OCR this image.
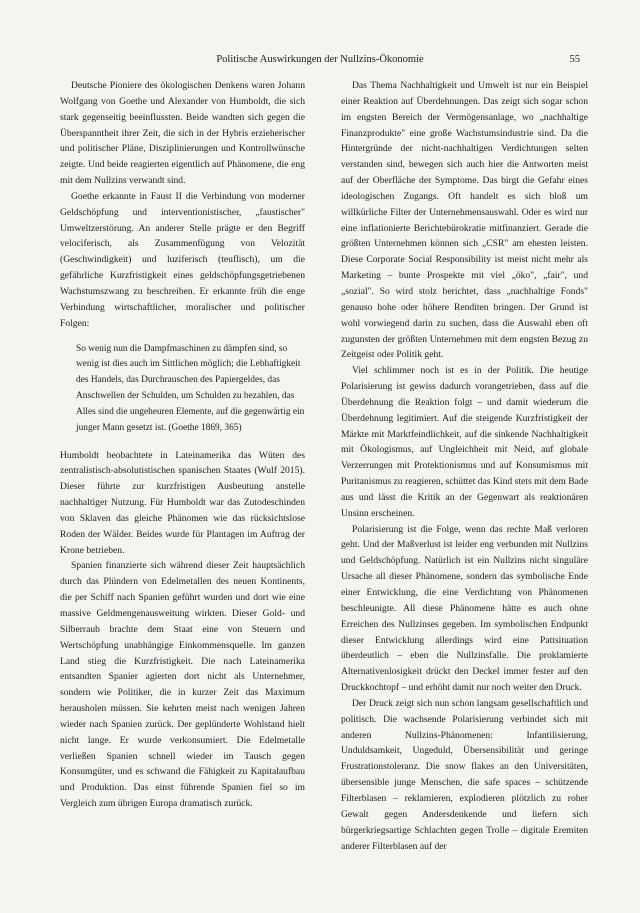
Politische Auswirkungen der Nullzins-Ökonomie	55

Deutsche Pioniere des ökologischen Denkens waren Johann Wolfgang von Goethe und Alexander von Humboldt, die sich stark gegenseitig beeinflussten. Beide wandten sich gegen die Überspanntheit ihrer Zeit, die sich in der Hybris erzieherischer und politischer Pläne, Disziplinierungen und Kontrollwünsche zeigte. Und beide reagierten eigentlich auf Phänomene, die eng mit dem Nullzins verwandt sind.

Goethe erkannte in Faust II die Verbindung von moderner Geldschöpfung und interventionistischer, „faustischer" Umweltzerstörung. An anderer Stelle prägte er den Begriff velociferisch, als Zusammenfügung von Velozität (Geschwindigkeit) und luziferisch (teuflisch), um die gefährliche Kurzfristigkeit eines geldschöpfungsgetriebenen Wachstumszwang zu beschreiben. Er erkannte früh die enge Verbindung wirtschaftlicher, moralischer und politischer Folgen:

So wenig nun die Dampfmaschinen zu dämpfen sind, so wenig ist dies auch im Sittlichen möglich; die Lebhaftigkeit des Handels, das Durchrauschen des Papiergeldes, das Anschwellen der Schulden, um Schulden zu bezahlen, das Alles sind die ungeheuren Elemente, auf die gegenwärtig ein junger Mann gesetzt ist. (Goethe 1869, 365)

Humboldt beobachtete in Lateinamerika das Wüten des zentralistisch-absolutistischen spanischen Staates (Wulf 2015). Dieser führte zur kurzfristigen Ausbeutung anstelle nachhaltiger Nutzung. Für Humboldt war das Zutodeschinden von Sklaven das gleiche Phänomen wie das rücksichtslose Roden der Wälder. Beides wurde für Plantagen im Auftrag der Krone betrieben.

Spanien finanzierte sich während dieser Zeit hauptsächlich durch das Plündern von Edelmetallen des neuen Kontinents, die per Schiff nach Spanien geführt wurden und dort wie eine massive Geldmengenausweitung wirkten. Dieser Gold- und Silberraub brachte dem Staat eine von Steuern und Wertschöpfung unabhängige Einkommensquelle. Im ganzen Land stieg die Kurzfristigkeit. Die nach Lateinamerika entsandten Spanier agierten dort nicht als Unternehmer, sondern wie Politiker, die in kurzer Zeit das Maximum herausholen müssen. Sie kehrten meist nach wenigen Jahren wieder nach Spanien zurück. Der geplünderte Wohlstand hielt nicht lange. Er wurde verkonsumiert. Die Edelmetalle verließen Spanien schnell wieder im Tausch gegen Konsumgüter, und es schwand die Fähigkeit zu Kapitalaufbau und Produktion. Das einst führende Spanien fiel so im Vergleich zum übrigen Europa dramatisch zurück.

Das Thema Nachhaltigkeit und Umwelt ist nur ein Beispiel einer Reaktion auf Überdehnungen. Das zeigt sich sogar schon im engsten Bereich der Vermögensanlage, wo „nachhaltige Finanzprodukte" eine große Wachstumsindustrie sind. Da die Hintergründe der nicht-nachhaltigen Verdichtungen selten verstanden sind, bewegen sich auch hier die Antworten meist auf der Oberfläche der Symptome. Das birgt die Gefahr eines ideologischen Zugangs. Oft handelt es sich bloß um willkürliche Filter der Unternehmensauswahl. Oder es wird nur eine inflationierte Berichtebürokratie mitfinanziert. Gerade die größten Unternehmen können sich „CSR" am ehesten leisten. Diese Corporate Social Responsibility ist meist nicht mehr als Marketing – bunte Prospekte mit viel „öko", „fair", und „sozial". So wird stolz berichtet, dass „nachhaltige Fonds" genauso hohe oder höhere Renditen bringen. Der Grund ist wohl vorwiegend darin zu suchen, dass die Auswahl eben oft zugunsten der größten Unternehmen mit dem engsten Bezug zu Zeitgeist oder Politik geht.

Viel schlimmer noch ist es in der Politik. Die heutige Polarisierung ist gewiss dadurch vorangetrieben, dass auf die Überdehnung die Reaktion folgt – und damit wiederum die Überdehnung legitimiert. Auf die steigende Kurzfristigkeit der Märkte mit Marktfeindlichkeit, auf die sinkende Nachhaltigkeit mit Ökologismus, auf Ungleichheit mit Neid, auf globale Verzerrungen mit Protektionismus und auf Konsumismus mit Puritanismus zu reagieren, schüttet das Kind stets mit dem Bade aus und lässt die Kritik an der Gegenwart als reaktionären Unsinn erscheinen.

Polarisierung ist die Folge, wenn das rechte Maß verloren geht. Und der Maßverlust ist leider eng verbunden mit Nullzins und Geldschöpfung. Natürlich ist ein Nullzins nicht singuläre Ursache all dieser Phänomene, sondern das symbolische Ende einer Entwicklung, die eine Verdichtung von Phänomenen beschleunigte. All diese Phänomene hätte es auch ohne Erreichen des Nullzinses gegeben. Im symbolischen Endpunkt dieser Entwicklung allerdings wird eine Pattsituation überdeutlich – eben die Nullzinsfalle. Die proklamierte Alternativenlosigkeit drückt den Deckel immer fester auf den Druckkochtopf – und erhöht damit nur noch weiter den Druck.

Der Druck zeigt sich nun schon langsam gesellschaftlich und politisch. Die wachsende Polarisierung verbindet sich mit anderen Nullzins-Phänomenen: Infantilisierung, Unduldsamkeit, Ungeduld, Übersensibilität und geringe Frustrationstoleranz. Die snow flakes an den Universitäten, übersensible junge Menschen, die safe spaces – schützende Filterblasen – reklamieren, explodieren plötzlich zu roher Gewalt gegen Andersdenkende und liefern sich bürgerkriegsartige Schlachten gegen Trolle – digitale Eremiten anderer Filterblasen auf der
